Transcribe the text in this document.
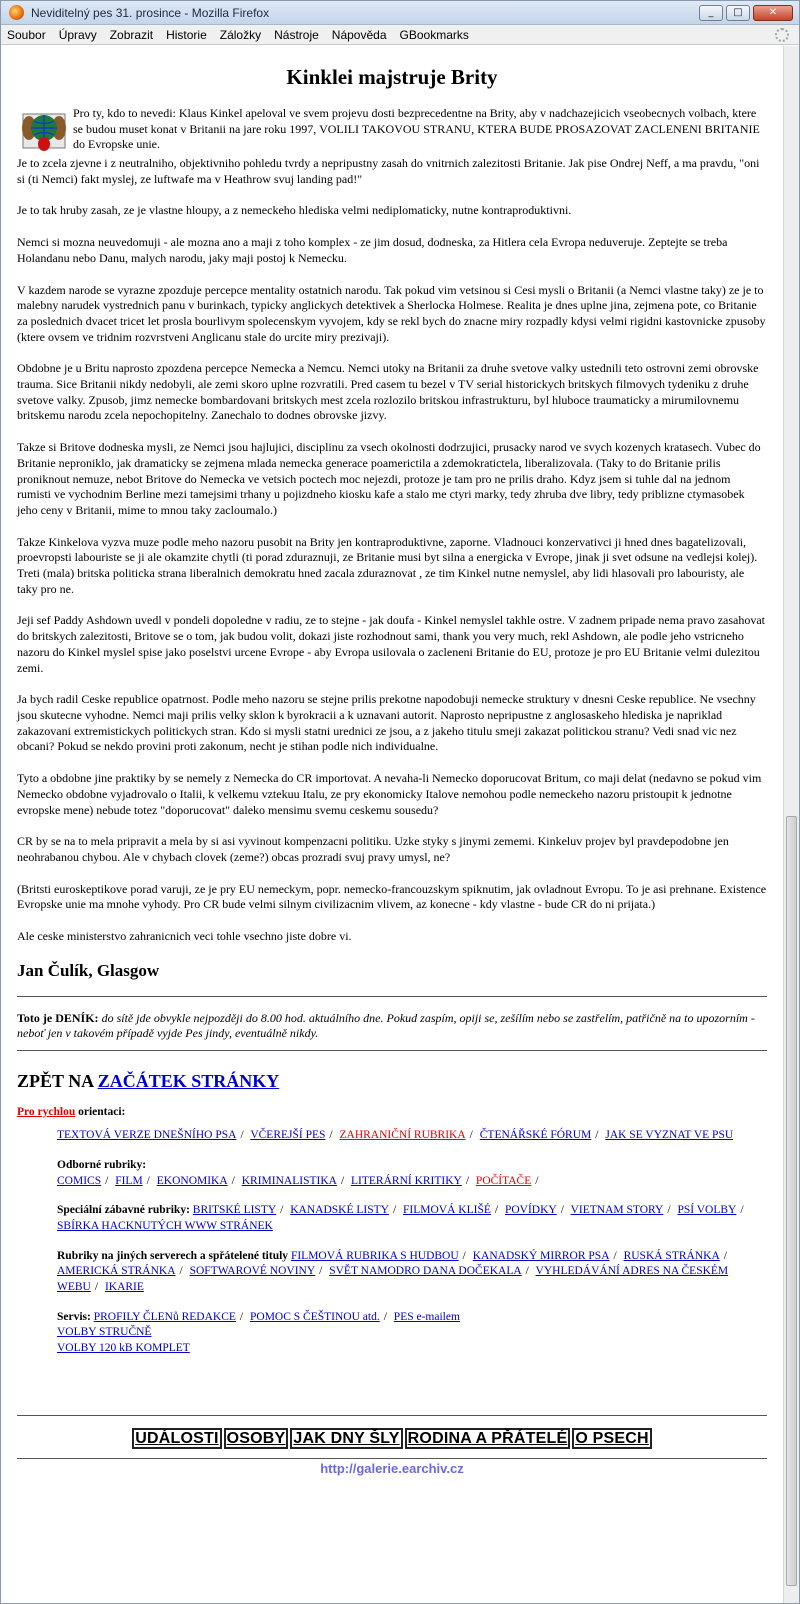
Neviditelný pes 31. prosince - Mozilla Firefox	_	□	✕
Soubor Úpravy Zobrazit Historie Záložky Nástroje Nápověda GBookmarks
Kinklei majstruje Brity

Pro ty, kdo to nevedi: Klaus Kinkel apeloval ve svem projevu dosti bezprecedentne na Brity, aby v nadchazejicich vseobecnych volbach, ktere se budou muset konat v Britanii na jare roku 1997, VOLILI TAKOVOU STRANU, KTERA BUDE PROSAZOVAT ZACLENENI BRITANIE do Evropske unie.

Je to zcela zjevne i z neutralniho, objektivniho pohledu tvrdy a nepripustny zasah do vnitrnich zalezitosti Britanie. Jak pise Ondrej Neff, a ma pravdu, "oni si (ti Nemci) fakt myslej, ze luftwafe ma v Heathrow svuj landing pad!"

Je to tak hruby zasah, ze je vlastne hloupy, a z nemeckeho hlediska velmi nediplomaticky, nutne kontraproduktivni.

Nemci si mozna neuvedomuji - ale mozna ano a maji z toho komplex - ze jim dosud, dodneska, za Hitlera cela Evropa neduveruje. Zeptejte se treba Holandanu nebo Danu, malych narodu, jaky maji postoj k Nemecku.

V kazdem narode se vyrazne zpozduje percepce mentality ostatnich narodu. Tak pokud vim vetsinou si Cesi mysli o Britanii (a Nemci vlastne taky) ze je to malebny narudek vystrednich panu v burinkach, typicky anglickych detektivek a Sherlocka Holmese. Realita je dnes uplne jina, zejmena pote, co Britanie za poslednich dvacet tricet let prosla bourlivym spolecenskym vyvojem, kdy se rekl bych do znacne miry rozpadly kdysi velmi rigidni kastovnicke zpusoby (ktere ovsem ve tridnim rozvrstveni Anglicanu stale do urcite miry prezivaji).

Obdobne je u Britu naprosto zpozdena percepce Nemecka a Nemcu. Nemci utoky na Britanii za druhe svetove valky ustednili teto ostrovni zemi obrovske trauma. Sice Britanii nikdy nedobyli, ale zemi skoro uplne rozvratili. Pred casem tu bezel v TV serial historickych britskych filmovych tydeniku z druhe svetove valky. Zpusob, jimz nemecke bombardovani britskych mest zcela rozlozilo britskou infrastrukturu, byl hluboce traumaticky a mirumilovnemu britskemu narodu zcela nepochopitelny. Zanechalo to dodnes obrovske jizvy.

Takze si Britove dodneska mysli, ze Nemci jsou hajlujici, disciplinu za vsech okolnosti dodrzujici, prusacky narod ve svych kozenych kratasech. Vubec do Britanie neproniklo, jak dramaticky se zejmena mlada nemecka generace poamerictila a zdemokratictela, liberalizovala. (Taky to do Britanie prilis proniknout nemuze, nebot Britove do Nemecka ve vetsich poctech moc nejezdi, protoze je tam pro ne prilis draho. Kdyz jsem si tuhle dal na jednom rumisti ve vychodnim Berline mezi tamejsimi trhany u pojizdneho kiosku kafe a stalo me ctyri marky, tedy zhruba dve libry, tedy priblizne ctymasobek jeho ceny v Britanii, mime to mnou taky zacloumalo.)

Takze Kinkelova vyzva muze podle meho nazoru pusobit na Brity jen kontraproduktivne, zaporne. Vladnouci konzervativci ji hned dnes bagatelizovali, proevropsti labouriste se ji ale okamzite chytli (ti porad zduraznuji, ze Britanie musi byt silna a energicka v Evrope, jinak ji svet odsune na vedlejsi kolej). Treti (mala) britska politicka strana liberalnich demokratu hned zacala zduraznovat , ze tim Kinkel nutne nemyslel, aby lidi hlasovali pro labouristy, ale taky pro ne.

Jeji sef Paddy Ashdown uvedl v pondeli dopoledne v radiu, ze to stejne - jak doufa - Kinkel nemyslel takhle ostre. V zadnem pripade nema pravo zasahovat do britskych zalezitosti, Britove se o tom, jak budou volit, dokazi jiste rozhodnout sami, thank you very much, rekl Ashdown, ale podle jeho vstricneho nazoru do Kinkel myslel spise jako poselstvi urcene Evrope - aby Evropa usilovala o zacleneni Britanie do EU, protoze je pro EU Britanie velmi dulezitou zemi.

Ja bych radil Ceske republice opatrnost. Podle meho nazoru se stejne prilis prekotne napodobuji nemecke struktury v dnesni Ceske republice. Ne vsechny jsou skutecne vyhodne. Nemci maji prilis velky sklon k byrokracii a k uznavani autorit. Naprosto nepripustne z anglosaskeho hlediska je napriklad zakazovani extremistickych politickych stran. Kdo si mysli statni urednici ze jsou, a z jakeho titulu smeji zakazat politickou stranu? Vedi snad vic nez obcani? Pokud se nekdo provini proti zakonum, necht je stihan podle nich individualne.

Tyto a obdobne jine praktiky by se nemely z Nemecka do CR importovat. A nevaha-li Nemecko doporucovat Britum, co maji delat (nedavno se pokud vim Nemecko obdobne vyjadrovalo o Italii, k velkemu vztekuu Italu, ze pry ekonomicky Italove nemohou podle nemeckeho nazoru pristoupit k jednotne evropske mene) nebude totez "doporucovat" daleko mensimu svemu ceskemu sousedu?

CR by se na to mela pripravit a mela by si asi vyvinout kompenzacni politiku. Uzke styky s jinymi zememi. Kinkeluv projev byl pravdepodobne jen neohrabanou chybou. Ale v chybach clovek (zeme?) obcas prozradi svuj pravy umysl, ne?

(Britsti euroskeptikove porad varuji, ze je pry EU nemeckym, popr. nemecko-francouzskym spiknutim, jak ovladnout Evropu. To je asi prehnane. Existence Evropske unie ma mnohe vyhody. Pro CR bude velmi silnym civilizacnim vlivem, az konecne - kdy vlastne - bude CR do ni prijata.)

Ale ceske ministerstvo zahranicnich veci tohle vsechno jiste dobre vi.

Jan Čulík, Glasgow
Toto je DENÍK: do sítě jde obvykle nejpozději do 8.00 hod. aktuálního dne. Pokud zaspím, opiji se, zešílím nebo se zastřelím, patřičně na to upozorním - neboť jen v takovém případě vyjde Pes jindy, eventuálně nikdy.
ZPĚT NA ZAČÁTEK STRÁNKY
Pro rychlou orientaci:
TEXTOVÁ VERZE DNEŠNÍHO PSA / VČEREJŠÍ PES / ZAHRANIČNÍ RUBRIKA / ČTENÁŘSKÉ FÓRUM / JAK SE VYZNAT VE PSU
Odborné rubriky:
COMICS / FILM / EKONOMIKA / KRIMINALISTIKA / LITERÁRNÍ KRITIKY / POČÍTAČE /
Speciální zábavné rubriky: BRITSKÉ LISTY / KANADSKÉ LISTY / FILMOVÁ KLIŠÉ / POVÍDKY / VIETNAM STORY / PSÍ VOLBY / SBÍRKA HACKNUTÝCH WWW STRÁNEK
Rubriky na jiných serverech a spřátelené tituly FILMOVÁ RUBRIKA S HUDBOU / KANADSKÝ MIRROR PSA / RUSKÁ STRÁNKA / AMERICKÁ STRÁNKA / SOFTWAROVÉ NOVINY / SVĚT NAMODRO DANA DOČEKALA / VYHLEDÁVÁNÍ ADRES NA ČESKÉM WEBU / IKARIE
Servis: PROFILY ČLENů REDAKCE / POMOC S ČEŠTINOU atd. / PES e-mailem
VOLBY STRUČNĚ
VOLBY 120 kB KOMPLET
UDÁLOSTI OSOBY JAK DNY ŠLY RODINA A PŘÁTELÉ O PSECH
http://galerie.earchiv.cz
